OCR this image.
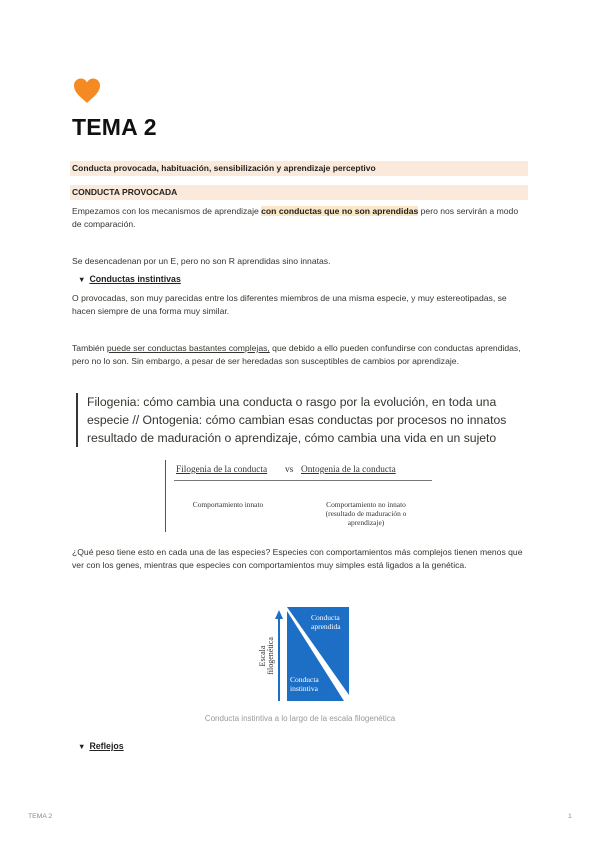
TEMA 2
Conducta provocada, habituación, sensibilización y aprendizaje perceptivo
CONDUCTA PROVOCADA

Empezamos con los mecanismos de aprendizaje con conductas que no son aprendidas pero nos servirán a modo de comparación.

Se desencadenan por un E, pero no son R aprendidas sino innatas.

▼ Conductas instintivas

O provocadas, son muy parecidas entre los diferentes miembros de una misma especie, y muy estereotipadas, se hacen siempre de una forma muy similar.

También puede ser conductas bastantes complejas, que debido a ello pueden confundirse con conductas aprendidas, pero no lo son. Sin embargo, a pesar de ser heredadas son susceptibles de cambios por aprendizaje.

Filogenia: cómo cambia una conducta o rasgo por la evolución, en toda una especie // Ontogenia: cómo cambian esas conductas por procesos no innatos resultado de maduración o aprendizaje, cómo cambia una vida en un sujeto
Filogenia de la conducta vs Ontogenia de la conducta
Comportamiento innato	Comportamiento no innato (resultado de maduración o aprendizaje)

¿Qué peso tiene esto en cada una de las especies? Especies con comportamientos más complejos tienen menos que ver con los genes, mientras que especies con comportamientos muy simples está ligados a la genética.

Escala filogenética
Conducta
aprendida
Conducta
instintiva
Conducta instintiva a lo largo de la escala filogenética
▼ Reflejos
TEMA 2	1
